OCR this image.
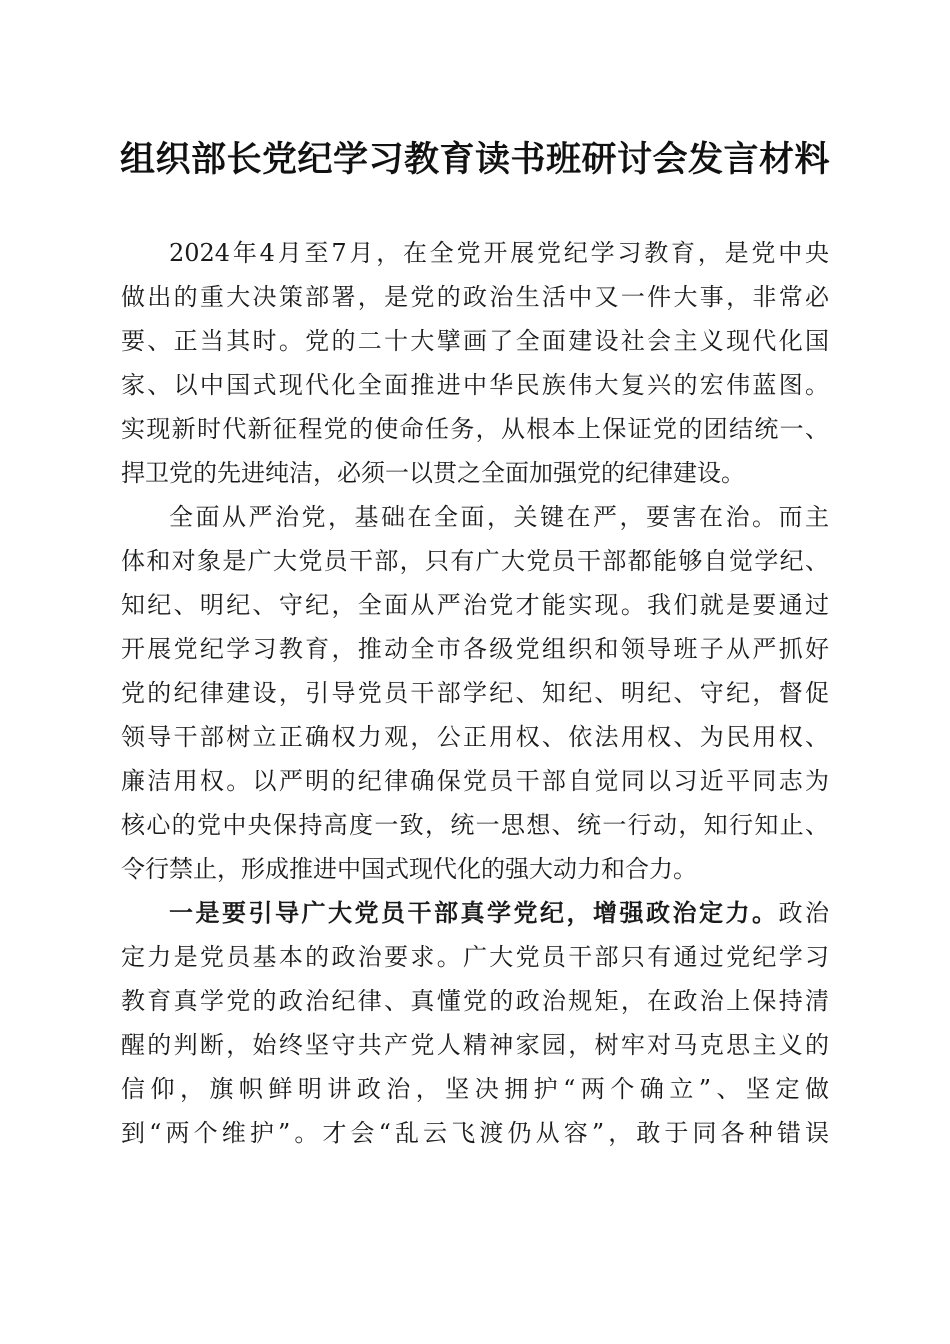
组织部长党纪学习教育读书班研讨会发言材料
2024年4月至7月，在全党开展党纪学习教育，是党中央
做出的重大决策部署，是党的政治生活中又一件大事，非常必
要、正当其时。党的二十大擘画了全面建设社会主义现代化国
家、以中国式现代化全面推进中华民族伟大复兴的宏伟蓝图。
实现新时代新征程党的使命任务，从根本上保证党的团结统一、
捍卫党的先进纯洁，必须一以贯之全面加强党的纪律建设。
全面从严治党，基础在全面，关键在严，要害在治。而主
体和对象是广大党员干部，只有广大党员干部都能够自觉学纪、
知纪、明纪、守纪，全面从严治党才能实现。我们就是要通过
开展党纪学习教育，推动全市各级党组织和领导班子从严抓好
党的纪律建设，引导党员干部学纪、知纪、明纪、守纪，督促
领导干部树立正确权力观，公正用权、依法用权、为民用权、
廉洁用权。以严明的纪律确保党员干部自觉同以习近平同志为
核心的党中央保持高度一致，统一思想、统一行动，知行知止、
令行禁止，形成推进中国式现代化的强大动力和合力。
一是要引导广大党员干部真学党纪，增强政治定力。政治
定力是党员基本的政治要求。广大党员干部只有通过党纪学习
教育真学党的政治纪律、真懂党的政治规矩，在政治上保持清
醒的判断，始终坚守共产党人精神家园，树牢对马克思主义的
信仰，旗帜鲜明讲政治，坚决拥护“两个确立”、坚定做
到“两个维护”。才会“乱云飞渡仍从容”，敢于同各种错误
